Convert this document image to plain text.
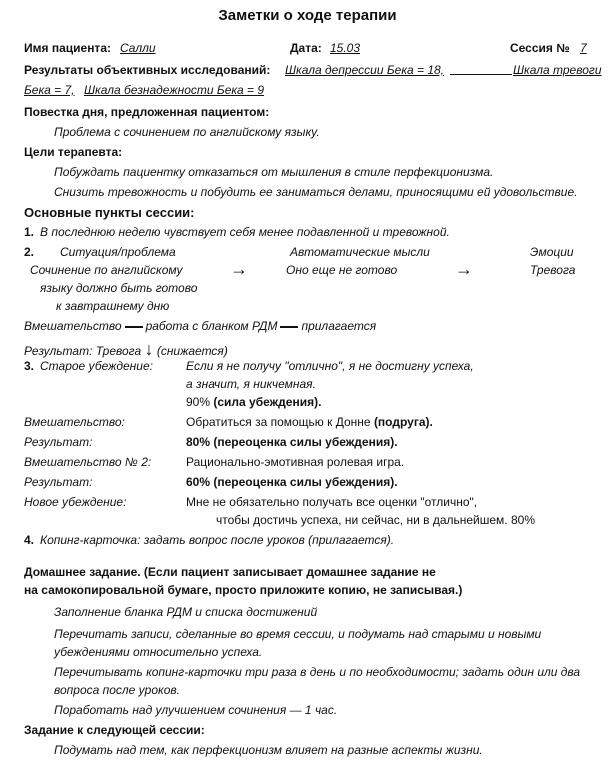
Заметки о ходе терапии
Имя пациента: Салли	Дата: 15.03	Сессия № 7
Результаты объективных исследований: Шкала депрессии Бека = 18,	Шкала тревоги
Бека = 7, Шкала безнадежности Бека = 9
Повестка дня, предложенная пациентом:
Проблема с сочинением по английскому языку.
Цели терапевта:
Побуждать пациентку отказаться от мышления в стиле перфекционизма.
Снизить тревожность и побудить ее заниматься делами, приносящими ей удовольствие.
Основные пункты сессии:
1. В последнюю неделю чувствует себя менее подавленной и тревожной.
2. Ситуация/проблема	Автоматические мысли	Эмоции
Сочинение по английскому	→	Оно еще не готово	→	Тревога
языку должно быть готово
к завтрашнему дню
Вмешательство работа с бланком РДМ прилагается
Результат: Тревога ↓ (снижается)
3. Старое убеждение:	Если я не получу "отлично", я не достигну успеха,
а значит, я никчемная.
90% (сила убеждения).
Вмешательство:	Обратиться за помощью к Донне (подруга).
Результат:	80% (переоценка силы убеждения).
Вмешательство № 2:	Рационально-эмотивная ролевая игра.
Результат:	60% (переоценка силы убеждения).
Новое убеждение:	Мне не обязательно получать все оценки "отлично",
чтобы достичь успеха, ни сейчас, ни в дальнейшем. 80%
4. Копинг-карточка: задать вопрос после уроков (прилагается).
Домашнее задание. (Если пациент записывает домашнее задание не
на самокопировальной бумаге, просто приложите копию, не записывая.)
Заполнение бланка РДМ и списка достижений
Перечитать записи, сделанные во время сессии, и подумать над старыми и новыми
убеждениями относительно успеха.
Перечитывать копинг-карточки три раза в день и по необходимости; задать один или два
вопроса после уроков.
Поработать над улучшением сочинения — 1 час.
Задание к следующей сессии:
Подумать над тем, как перфекционизм влияет на разные аспекты жизни.
